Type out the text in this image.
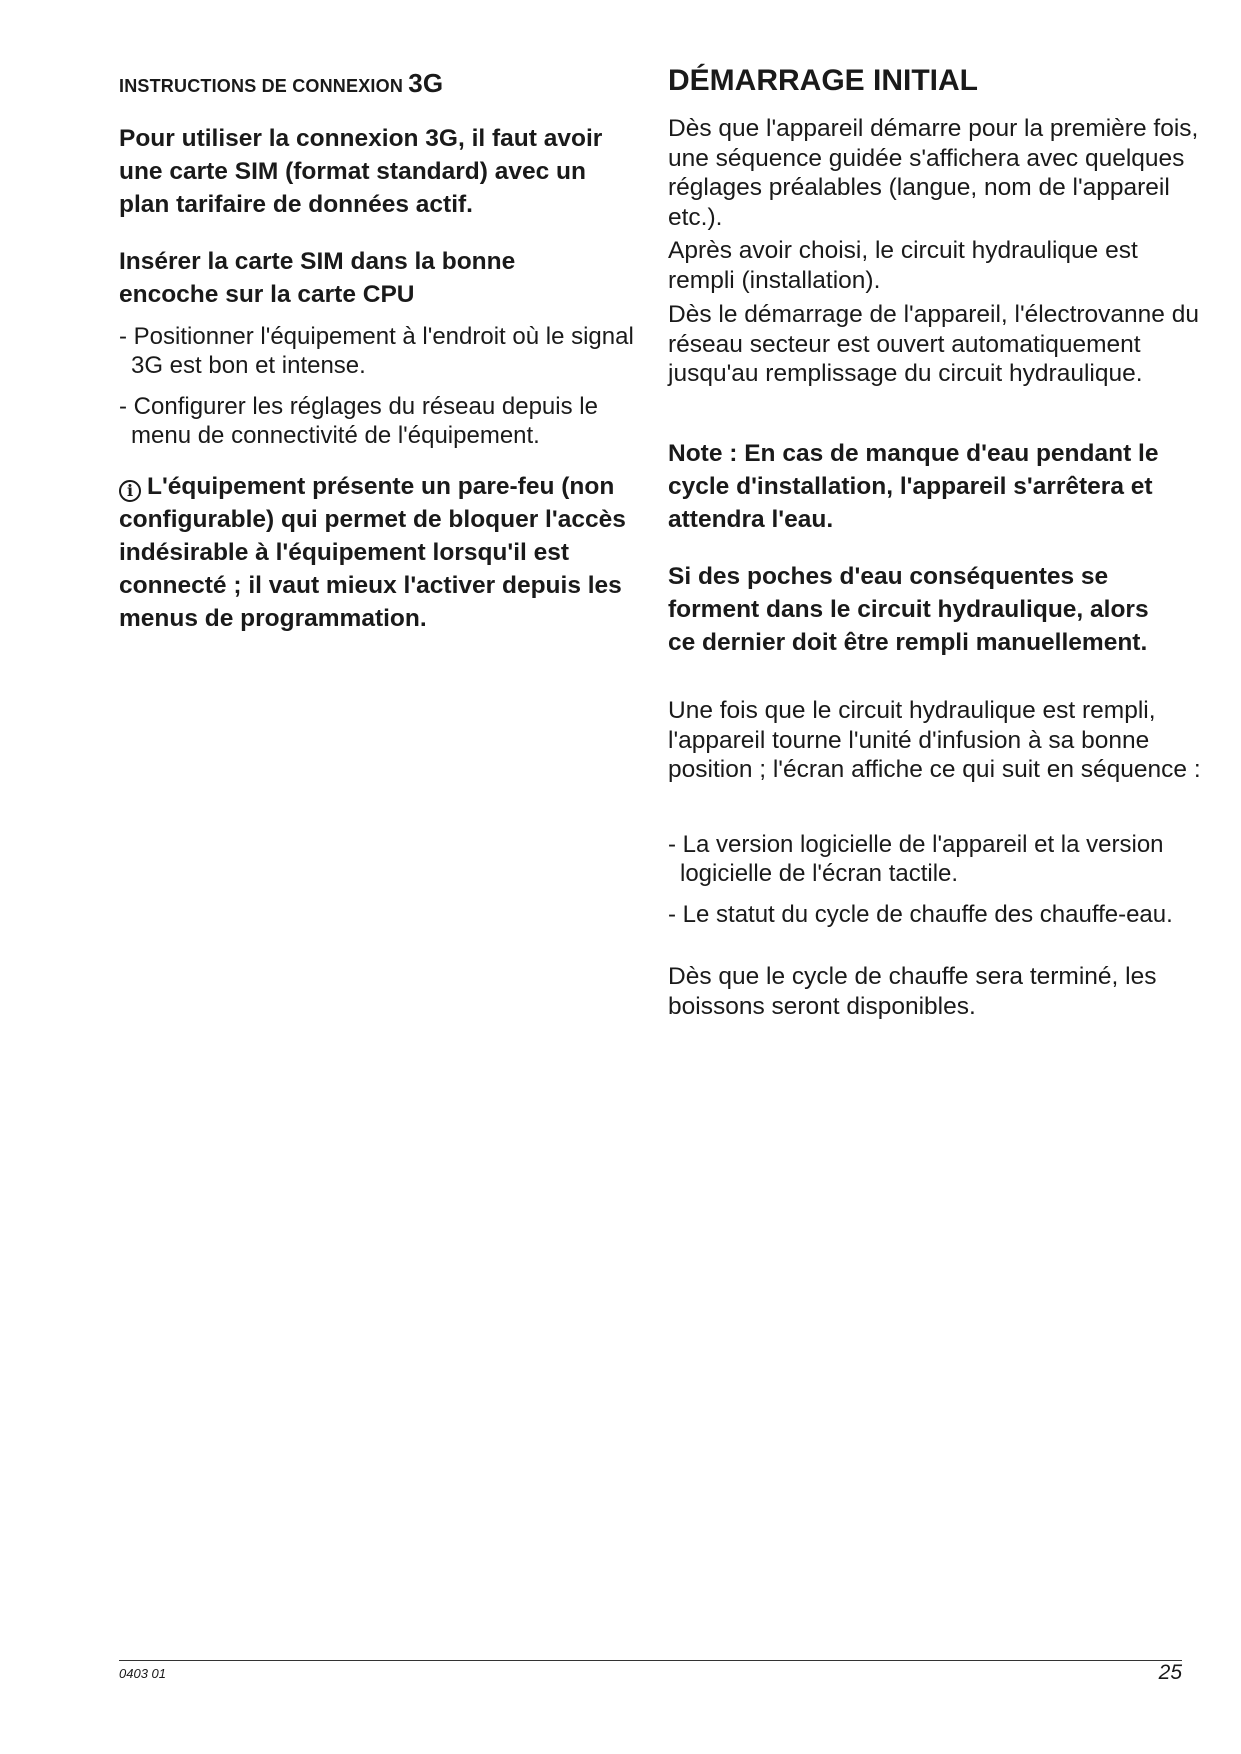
INSTRUCTIONS DE CONNEXION 3G

Pour utiliser la connexion 3G, il faut avoir une carte SIM (format standard) avec un plan tarifaire de données actif.

Insérer la carte SIM dans la bonne encoche sur la carte CPU

- Positionner l'équipement à l'endroit où le signal 3G est bon et intense.

- Configurer les réglages du réseau depuis le menu de connectivité de l'équipement.

i L'équipement présente un pare-feu (non configurable) qui permet de bloquer l'accès indésirable à l'équipement lorsqu'il est connecté ; il vaut mieux l'activer depuis les menus de programmation.

DÉMARRAGE INITIAL

Dès que l'appareil démarre pour la première fois, une séquence guidée s'affichera avec quelques réglages préalables (langue, nom de l'appareil etc.).

Après avoir choisi, le circuit hydraulique est rempli (installation).

Dès le démarrage de l'appareil, l'électrovanne du réseau secteur est ouvert automatiquement jusqu'au remplissage du circuit hydraulique.

Note : En cas de manque d'eau pendant le cycle d'installation, l'appareil s'arrêtera et attendra l'eau.

Si des poches d'eau conséquentes se forment dans le circuit hydraulique, alors ce dernier doit être rempli manuellement.

Une fois que le circuit hydraulique est rempli, l'appareil tourne l'unité d'infusion à sa bonne position ; l'écran affiche ce qui suit en séquence :

- La version logicielle de l'appareil et la version logicielle de l'écran tactile.

- Le statut du cycle de chauffe des chauffe-eau.

Dès que le cycle de chauffe sera terminé, les boissons seront disponibles.

0403 01	25
